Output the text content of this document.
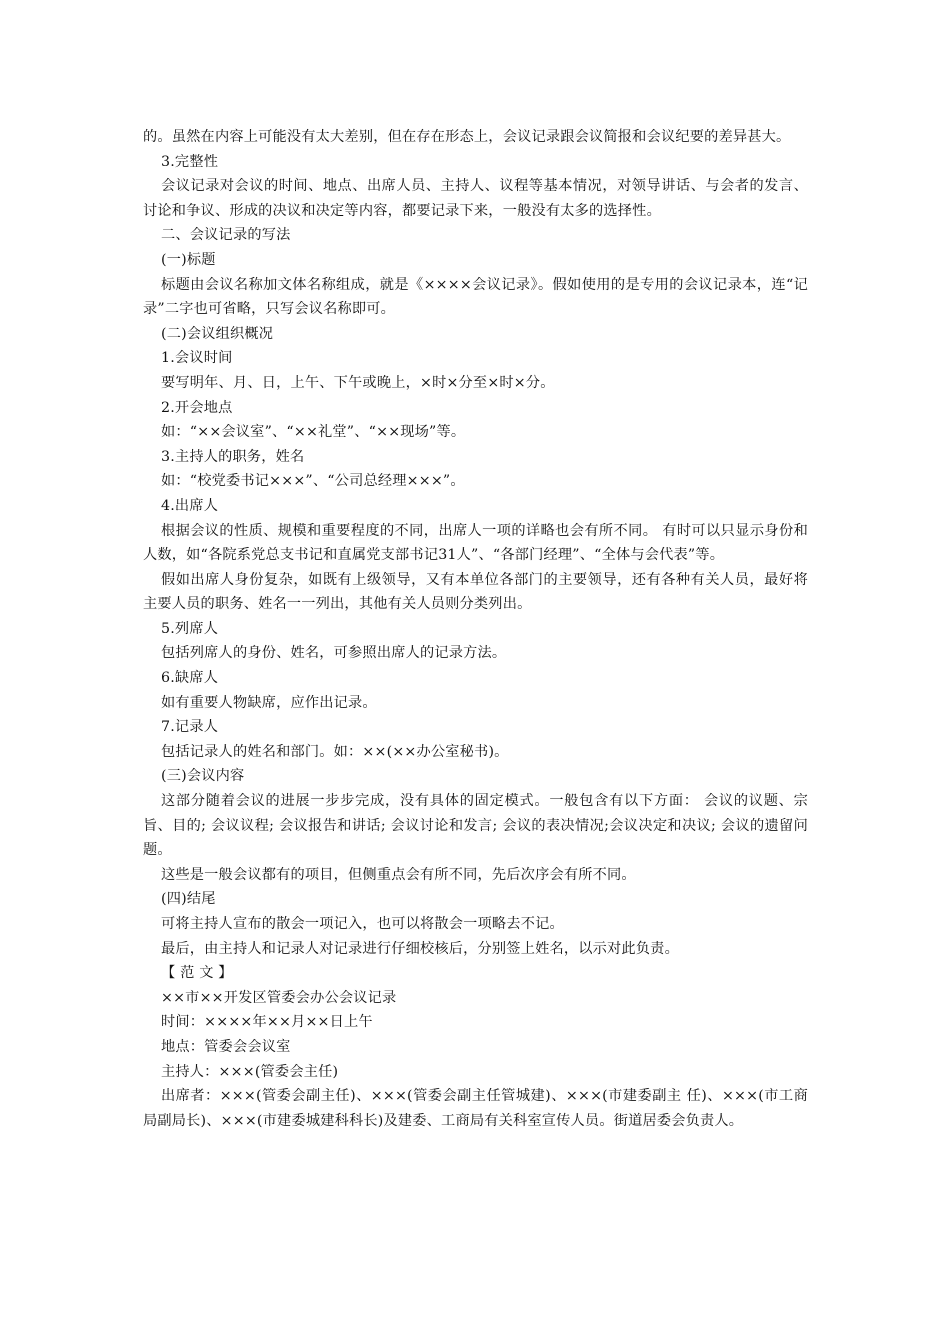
的。虽然在内容上可能没有太大差别，但在存在形态上，会议记录跟会议简报和会议纪要的差异甚大。

3.完整性

会议记录对会议的时间、地点、出席人员、主持人、议程等基本情况，对领导讲话、与会者的发言、讨论和争议、形成的决议和决定等内容，都要记录下来，一般没有太多的选择性。

二、会议记录的写法

(一)标题

标题由会议名称加文体名称组成，就是《××××会议记录》。假如使用的是专用的会议记录本，连“记录”二字也可省略，只写会议名称即可。

(二)会议组织概况

1.会议时间

要写明年、月、日，上午、下午或晚上，×时×分至×时×分。

2.开会地点

如：“××会议室”、“××礼堂”、“××现场”等。

3.主持人的职务，姓名

如：“校党委书记×××”、“公司总经理×××”。

4.出席人

根据会议的性质、规模和重要程度的不同，出席人一项的详略也会有所不同。 有时可以只显示身份和人数，如“各院系党总支书记和直属党支部书记31人”、“各部门经理”、“全体与会代表”等。

假如出席人身份复杂，如既有上级领导，又有本单位各部门的主要领导，还有各种有关人员，最好将主要人员的职务、姓名一一列出，其他有关人员则分类列出。

5.列席人

包括列席人的身份、姓名，可参照出席人的记录方法。

6.缺席人

如有重要人物缺席，应作出记录。

7.记录人

包括记录人的姓名和部门。如：××(××办公室秘书)。

(三)会议内容

这部分随着会议的进展一步步完成，没有具体的固定模式。一般包含有以下方面： 会议的议题、宗旨、目的; 会议议程; 会议报告和讲话; 会议讨论和发言; 会议的表决情况;会议决定和决议; 会议的遗留问题。

这些是一般会议都有的项目，但侧重点会有所不同，先后次序会有所不同。

(四)结尾

可将主持人宣布的散会一项记入，也可以将散会一项略去不记。

最后，由主持人和记录人对记录进行仔细校核后，分别签上姓名，以示对此负责。

【 范 文 】

××市××开发区管委会办公会议记录

时间：××××年××月××日上午

地点：管委会会议室

主持人：×××(管委会主任)

出席者：×××(管委会副主任)、×××(管委会副主任管城建)、×××(市建委副主 任)、×××(市工商局副局长)、×××(市建委城建科科长)及建委、工商局有关科室宣传人员。街道居委会负责人。
